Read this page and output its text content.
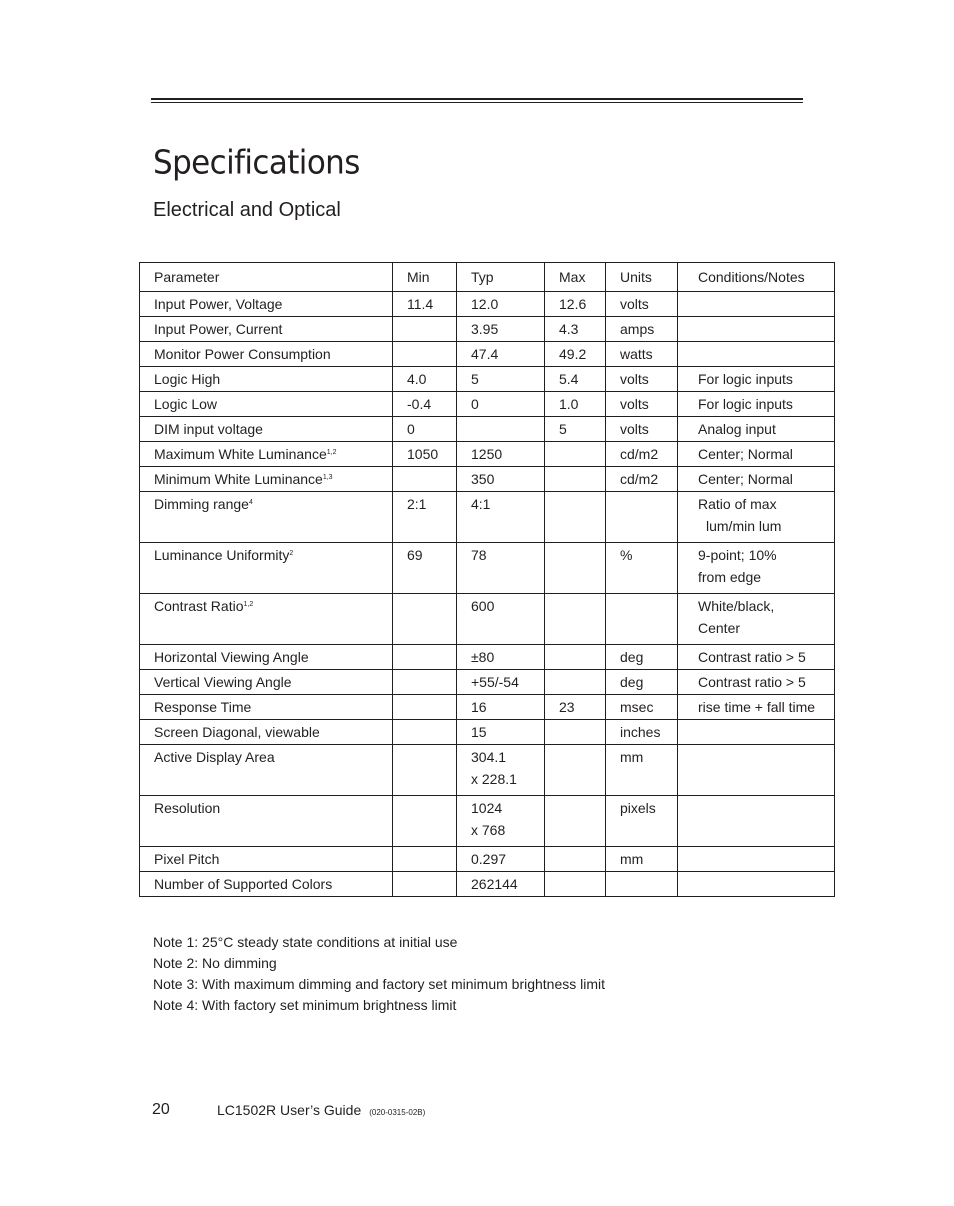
Specifications
Electrical and Optical
Parameter	Min	Typ	Max	Units	Conditions/Notes

Input Power, Voltage	11.4	12.0	12.6	volts	

Input Power, Current		3.95	4.3	amps	

Monitor Power Consumption		47.4	49.2	watts	

Logic High	4.0	5	5.4	volts	For logic inputs

Logic Low	-0.4	0	1.0	volts	For logic inputs

DIM input voltage	0		5	volts	Analog input

Maximum White Luminance$^{1,2}$	1050	1250		cd/m2	Center; Normal

Minimum White Luminance$^{1,3}$		350		cd/m2	Center; Normal

Dimming range$^4$	2:1	4:1			Ratio of max
lum/min lum

Luminance Uniformity$^2$	69	78		%	9-point; 10%
from edge

Contrast Ratio$^{1,2}$		600			White/black,
Center

Horizontal Viewing Angle		±80		deg	Contrast ratio > 5

Vertical Viewing Angle		+55/-54		deg	Contrast ratio > 5

Response Time		16	23	msec	rise time + fall time

Screen Diagonal, viewable		15		inches	

Active Display Area		304.1
x 228.1		mm	

Resolution		1024
x 768		pixels	

Pixel Pitch		0.297		mm	

Number of Supported Colors		262144			

Note 1: 25°C steady state conditions at initial use
Note 2: No dimming
Note 3: With maximum dimming and factory set minimum brightness limit
Note 4: With factory set minimum brightness limit
20	LC1502R User’s Guide (020-0315-02B)
